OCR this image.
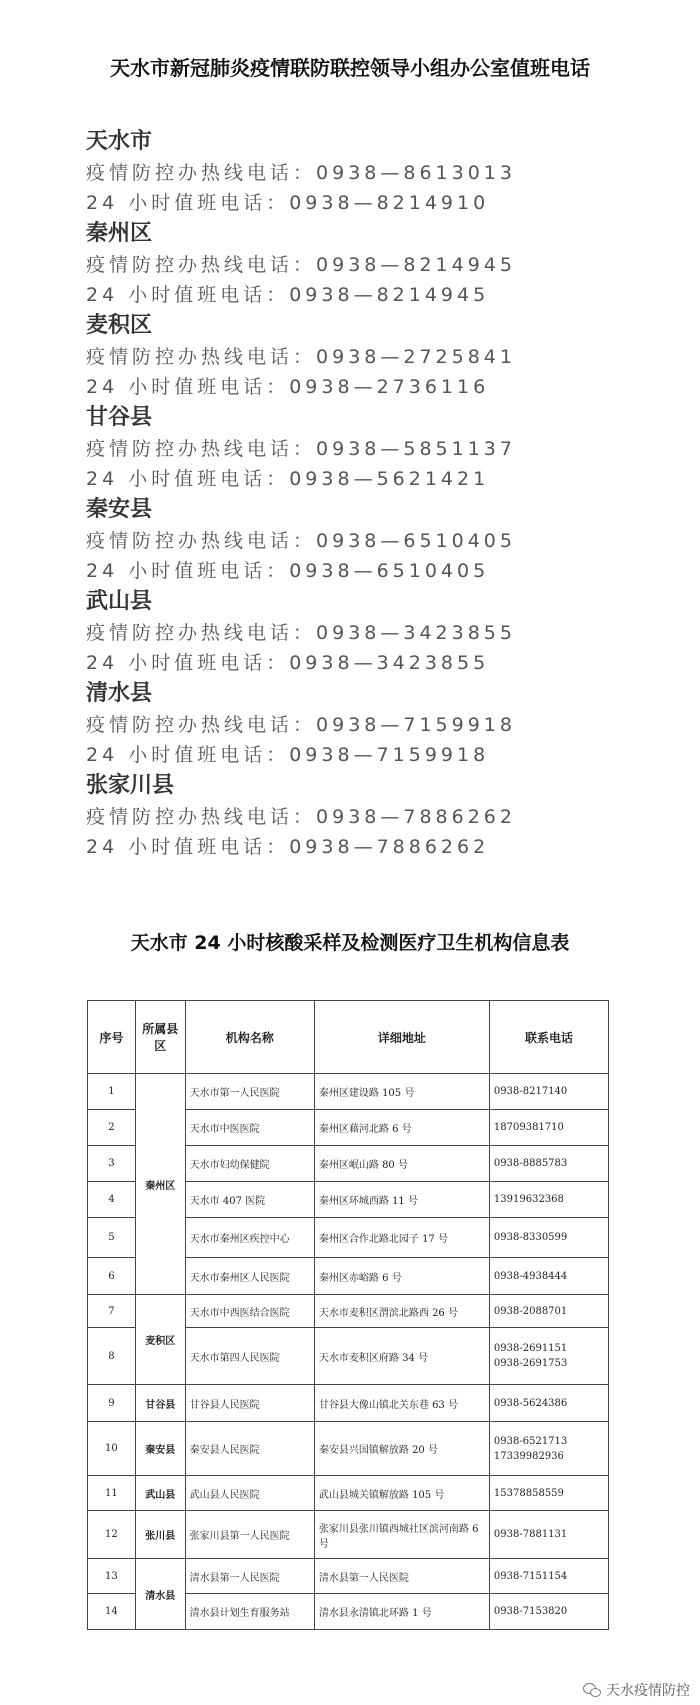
天水市新冠肺炎疫情联防联控领导小组办公室值班电话
天水市
疫情防控办热线电话：0938—8613013
24 小时值班电话：0938—8214910
秦州区
疫情防控办热线电话：0938—8214945
24 小时值班电话：0938—8214945
麦积区
疫情防控办热线电话：0938—2725841
24 小时值班电话：0938—2736116
甘谷县
疫情防控办热线电话：0938—5851137
24 小时值班电话：0938—5621421
秦安县
疫情防控办热线电话：0938—6510405
24 小时值班电话：0938—6510405
武山县
疫情防控办热线电话：0938—3423855
24 小时值班电话：0938—3423855
清水县
疫情防控办热线电话：0938—7159918
24 小时值班电话：0938—7159918
张家川县
疫情防控办热线电话：0938—7886262
24 小时值班电话：0938—7886262
天水市 24 小时核酸采样及检测医疗卫生机构信息表
序号	所属县区	机构名称	详细地址	联系电话
1	秦州区	天水市第一人民医院	秦州区建设路 105 号	0938-8217140
2		天水市中医医院	秦州区藉河北路 6 号	18709381710
3		天水市妇幼保健院	秦州区岷山路 80 号	0938-8885783
4		天水市 407 医院	秦州区环城西路 11 号	13919632368
5		天水市秦州区疾控中心	秦州区合作北路北园子 17 号	0938-8330599
6		天水市秦州区人民医院	秦州区赤峪路 6 号	0938-4938444
7	麦积区	天水市中西医结合医院	天水市麦积区渭滨北路西 26 号	0938-2088701
8		天水市第四人民医院	天水市麦积区府路 34 号	0938-2691151
0938-2691753

9	甘谷县	甘谷县人民医院	甘谷县大像山镇北关东巷 63 号	0938-5624386
10	秦安县	秦安县人民医院	秦安县兴国镇解放路 20 号	0938-6521713
17339982936

11	武山县	武山县人民医院	武山县城关镇解放路 105 号	15378858559
12	张川县	张家川县第一人民医院	张家川县张川镇西城社区滨河南路 6 号	0938-7881131
13	清水县	清水县第一人民医院	清水县第一人民医院	0938-7151154
14		清水县计划生育服务站	清水县永清镇北环路 1 号	0938-7153820
天水疫情防控
